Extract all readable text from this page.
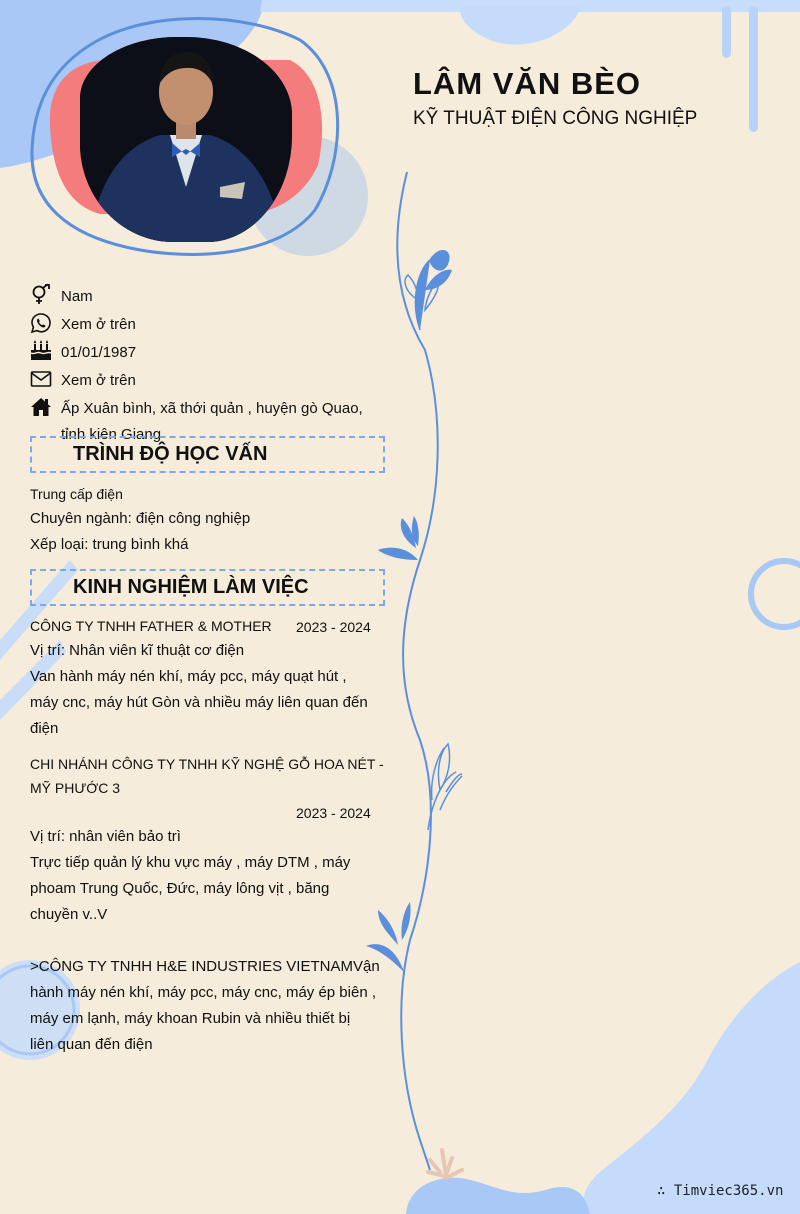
LÂM VĂN BÈO

KỸ THUẬT ĐIỆN CÔNG NGHIỆP

Nam
Xem ở trên
01/01/1987
Xem ở trên
Ấp Xuân bình, xã thới quản , huyện gò Quao, tỉnh kiên Giang
TRÌNH ĐỘ HỌC VẤN
Trung cấp điện
Chuyên ngành: điện công nghiệp
Xếp loại: trung bình khá
KINH NGHIỆM LÀM VIỆC
CÔNG TY TNHH FATHER & MOTHER 2023 - 2024
Vị trí: Nhân viên kĩ thuật cơ điện
Van hành máy nén khí, máy pcc, máy quạt hút ,
máy cnc, máy hút Gòn và nhiều máy liên quan đến
điện
CHI NHÁNH CÔNG TY TNHH KỸ NGHỆ GỖ HOA NÉT -
MỸ PHƯỚC 3
2023 - 2024
Vị trí: nhân viên bảo trì
Trực tiếp quản lý khu vực máy , máy DTM , máy
phoam Trung Quốc, Đức, máy lông vịt , băng
chuyền v..V
>CÔNG TY TNHH H&E INDUSTRIES VIETNAMVận
hành máy nén khí, máy pcc, máy cnc, máy ép biên ,
máy em lạnh, máy khoan Rubin và nhiều thiết bị
liên quan đến điện
∴ Timviec365.vn
